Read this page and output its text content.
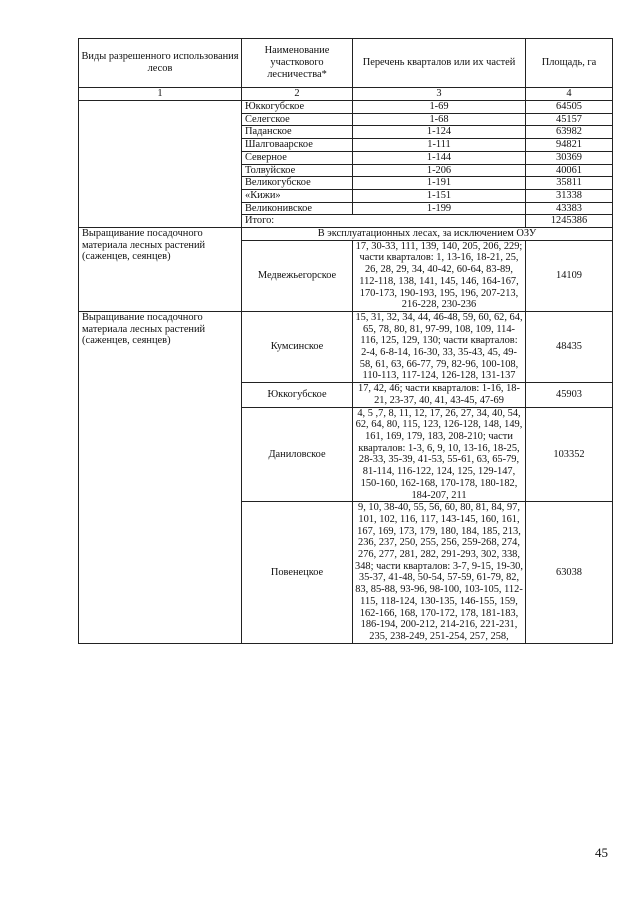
Виды разрешенного использования лесов	Наименование участкового лесничества*	Перечень кварталов или их частей	Площадь, га
1	2	3	4
	Юккогубское	1-69	64505
	Селегское	1-68	45157
	Паданское	1-124	63982
	Шалговаарское	1-111	94821
	Северное	1-144	30369
	Толвуйское	1-206	40061
	Великогубское	1-191	35811
	«Кижи»	1-151	31338
	Великонивское	1-199	43383
	Итого:		1245386
Выращивание посадочного материала лесных растений (саженцев, сеянцев)	В эксплуатационных лесах, за исключением ОЗУ		
	Медвежьегорское	17, 30-33, 111, 139, 140, 205, 206, 229; части кварталов: 1, 13-16, 18-21, 25, 26, 28, 29, 34, 40-42, 60-64, 83-89, 112-118, 138, 141, 145, 146, 164-167, 170-173, 190-193, 195, 196, 207-213, 216-228, 230-236	14109
Выращивание посадочного материала лесных растений (саженцев, сеянцев)	Кумсинское	15, 31, 32, 34, 44, 46-48, 59, 60, 62, 64, 65, 78, 80, 81, 97-99, 108, 109, 114-116, 125, 129, 130; части кварталов: 2-4, 6-8-14, 16-30, 33, 35-43, 45, 49-58, 61, 63, 66-77, 79, 82-96, 100-108, 110-113, 117-124, 126-128, 131-137	48435
	Юккогубское	17, 42, 46; части кварталов: 1-16, 18-21, 23-37, 40, 41, 43-45, 47-69	45903
	Даниловское	4, 5 ,7, 8, 11, 12, 17, 26, 27, 34, 40, 54, 62, 64, 80, 115, 123, 126-128, 148, 149, 161, 169, 179, 183, 208-210; части кварталов: 1-3, 6, 9, 10, 13-16, 18-25, 28-33, 35-39, 41-53, 55-61, 63, 65-79, 81-114, 116-122, 124, 125, 129-147, 150-160, 162-168, 170-178, 180-182, 184-207, 211	103352
	Повенецкое	9, 10, 38-40, 55, 56, 60, 80, 81, 84, 97, 101, 102, 116, 117, 143-145, 160, 161, 167, 169, 173, 179, 180, 184, 185, 213, 236, 237, 250, 255, 256, 259-268, 274, 276, 277, 281, 282, 291-293, 302, 338, 348; части кварталов: 3-7, 9-15, 19-30, 35-37, 41-48, 50-54, 57-59, 61-79, 82, 83, 85-88, 93-96, 98-100, 103-105, 112-115, 118-124, 130-135, 146-155, 159, 162-166, 168, 170-172, 178, 181-183, 186-194, 200-212, 214-216, 221-231, 235, 238-249, 251-254, 257, 258,	63038
45
